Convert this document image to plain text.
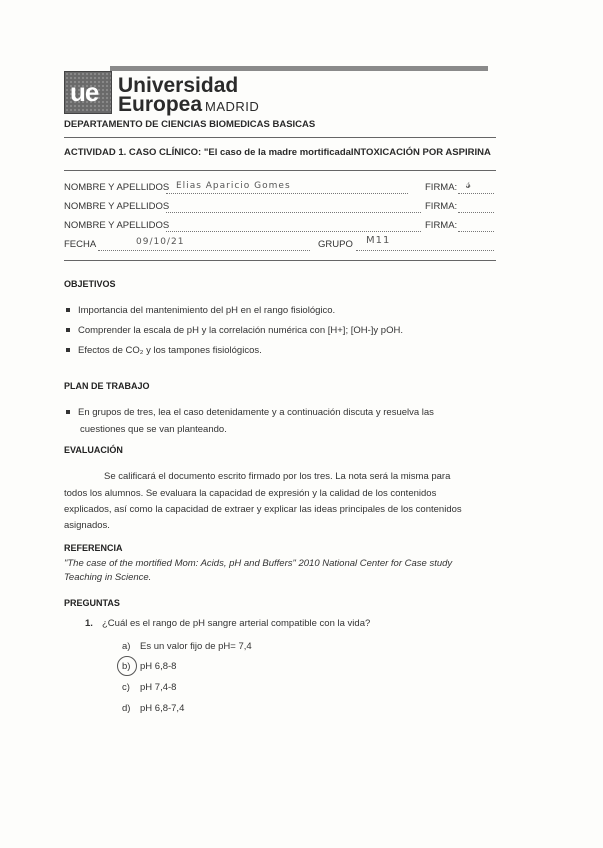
ue Universidad
Europea MADRID
DEPARTAMENTO DE CIENCIAS BIOMEDICAS BASICAS
ACTIVIDAD 1. CASO CLÍNICO: "El caso de la madre mortificadaINTOXICACIÓN POR ASPIRINA
NOMBRE Y APELLIDOS Elias Aparicio Gomes	FIRMA: 𝓈
NOMBRE Y APELLIDOS	FIRMA:
NOMBRE Y APELLIDOS	FIRMA:
FECHA	09/10/21	GRUPO M11
OBJETIVOS
Importancia del mantenimiento del pH en el rango fisiológico.
Comprender la escala de pH y la correlación numérica con [H+]; [OH-]y pOH.
Efectos de CO₂ y los tampones fisiológicos.
PLAN DE TRABAJO
En grupos de tres, lea el caso detenidamente y a continuación discuta y resuelva las
cuestiones que se van planteando.
EVALUACIÓN
Se calificará el documento escrito firmado por los tres. La nota será la misma para
todos los alumnos. Se evaluara la capacidad de expresión y la calidad de los contenidos
explicados, así como la capacidad de extraer y explicar las ideas principales de los contenidos
asignados.
REFERENCIA
"The case of the mortified Mom: Acids, pH and Buffers" 2010 National Center for Case study
Teaching in Science.
PREGUNTAS
1. ¿Cuál es el rango de pH sangre arterial compatible con la vida?
a) Es un valor fijo de pH= 7,4
b) pH 6,8-8
c) pH 7,4-8
d) pH 6,8-7,4
